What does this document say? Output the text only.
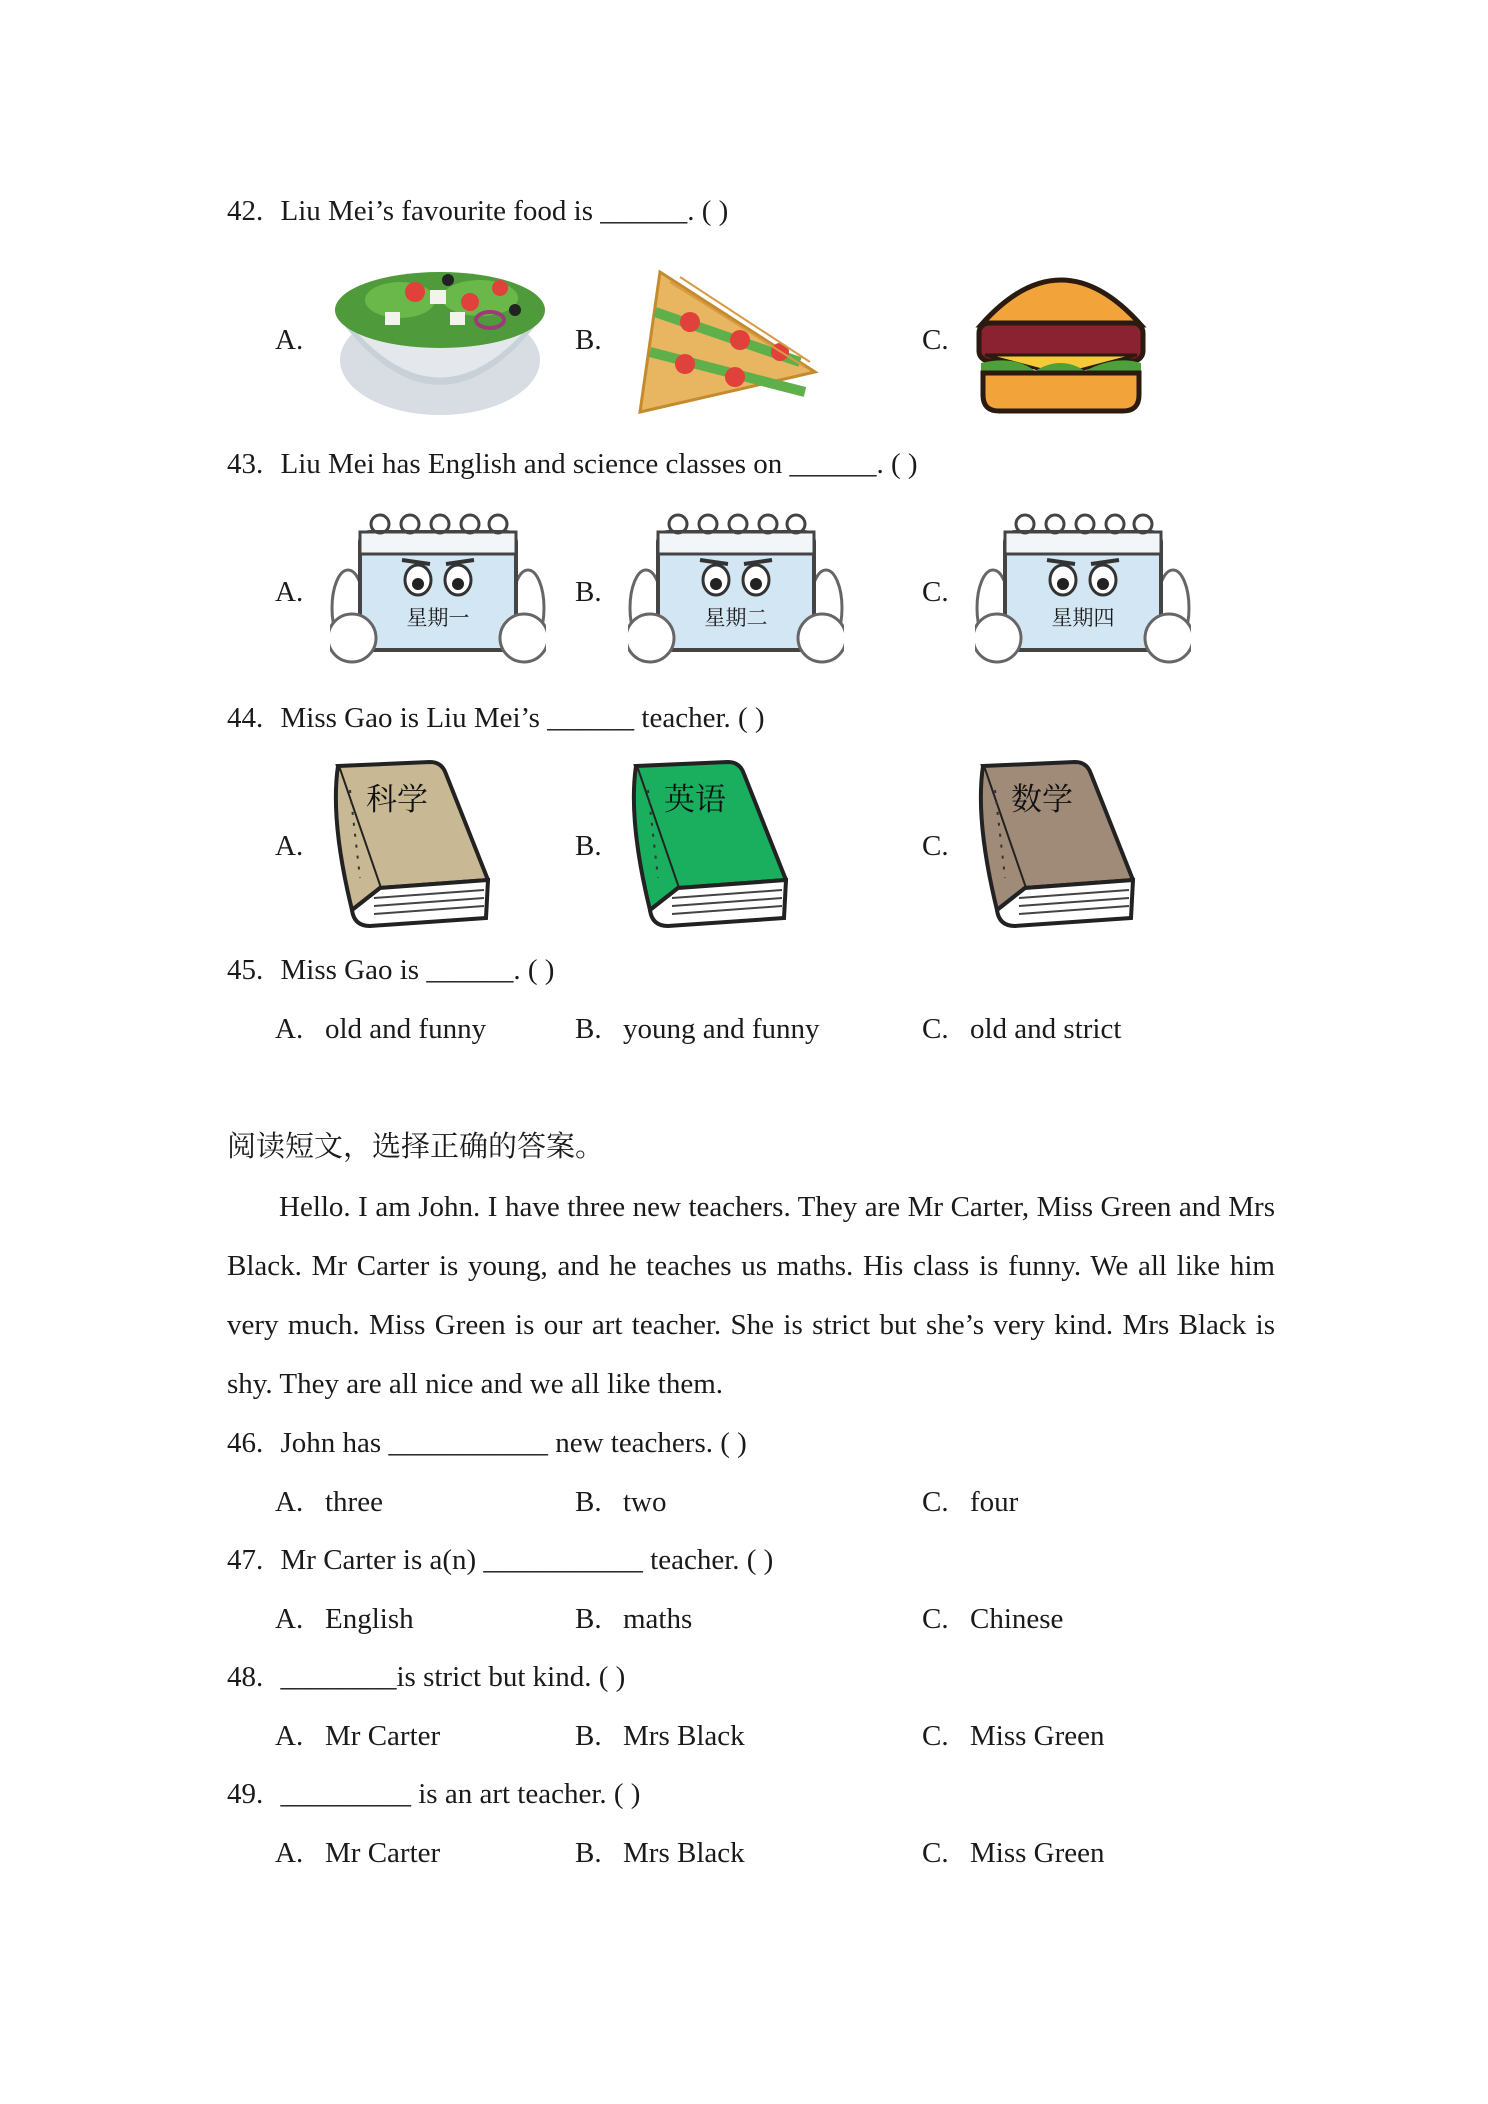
42. Liu Mei’s favourite food is ______. ( )
A.	B.	C.
43. Liu Mei has English and science classes on ______. ( )
A.
星期一
B.
星期二
C.
星期四
44. Miss Gao is Liu Mei’s ______ teacher. ( )
A.
科学
B.
英语
C.
数学
45. Miss Gao is ______. ( )
A. old and funny	B. young and funny	C. old and strict
阅读短文，选择正确的答案。
Hello. I am John. I have three new teachers. They are Mr Carter, Miss Green and Mrs Black. Mr Carter is young, and he teaches us maths. His class is funny. We all like him very much. Miss Green is our art teacher. She is strict but she’s very kind. Mrs Black is shy. They are all nice and we all like them.
46. John has ___________ new teachers. ( )
A. three	B. two	C. four
47. Mr Carter is a(n) ___________ teacher. ( )
A. English	B. maths	C. Chinese
48. ________is strict but kind. ( )
A. Mr Carter	B. Mrs Black	C. Miss Green
49. _________ is an art teacher. ( )
A. Mr Carter	B. Mrs Black	C. Miss Green
